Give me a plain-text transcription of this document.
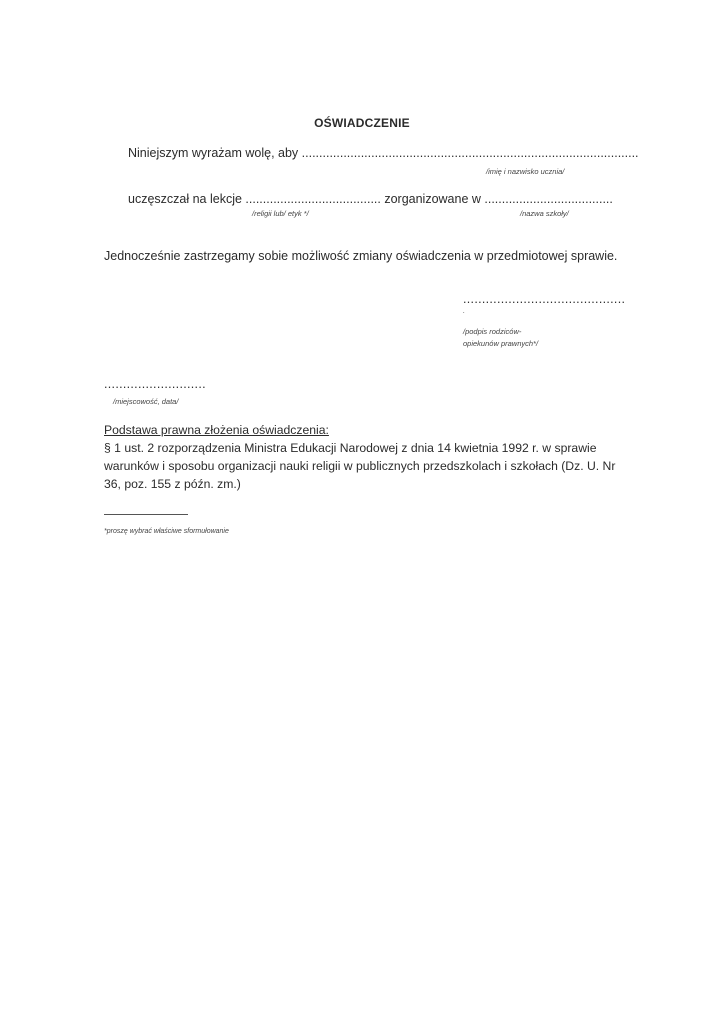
OŚWIADCZENIE
Niniejszym wyrażam wolę, aby .................................................................................................
/imię i nazwisko ucznia/
uczęszczał na lekcje ....................................... zorganizowane w .....................................
/religii lub/ etyk */	/nazwa szkoły/
Jednocześnie zastrzegamy sobie możliwość zmiany oświadczenia w przedmiotowej sprawie.
...........................................
.
/podpis rodziców-opiekunów prawnych*/
...........................
/miejscowość, data/
Podstawa prawna złożenia oświadczenia:
§ 1 ust. 2 rozporządzenia Ministra Edukacji Narodowej z dnia 14 kwietnia 1992 r. w sprawie warunków i sposobu organizacji nauki religii w publicznych przedszkolach i szkołach (Dz. U. Nr 36, poz. 155 z późn. zm.)
*proszę wybrać właściwe sformułowanie
